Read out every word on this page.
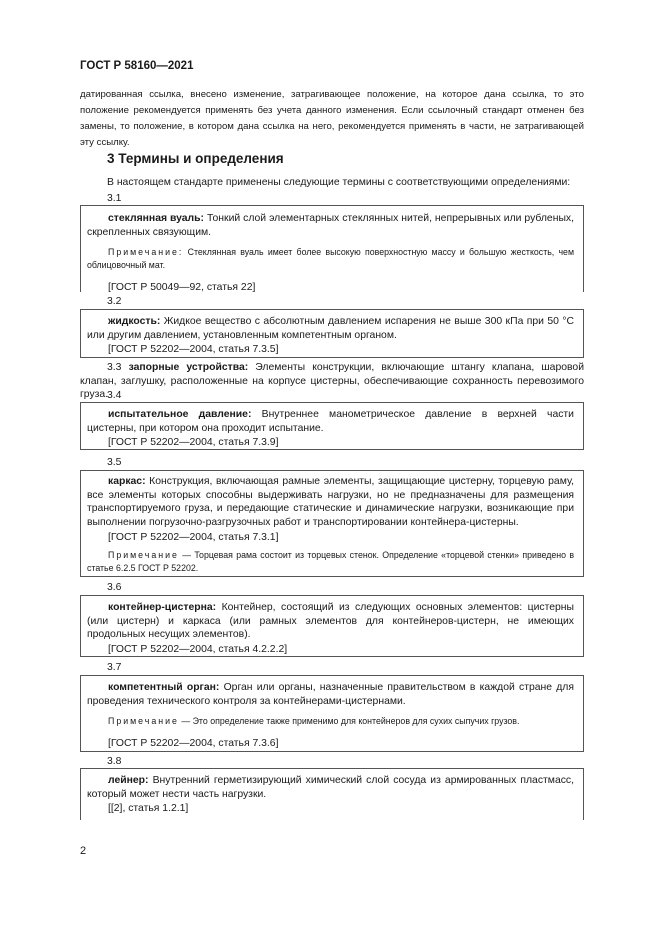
ГОСТ Р 58160—2021
датированная ссылка, внесено изменение, затрагивающее положение, на которое дана ссылка, то это положение рекомендуется применять без учета данного изменения. Если ссылочный стандарт отменен без замены, то положение, в котором дана ссылка на него, рекомендуется применять в части, не затрагивающей эту ссылку.
3 Термины и определения
В настоящем стандарте применены следующие термины с соответствующими определениями:
3.1
стеклянная вуаль: Тонкий слой элементарных стеклянных нитей, непрерывных или рубленых, скрепленных связующим.
Примечание: Стеклянная вуаль имеет более высокую поверхностную массу и большую жесткость, чем облицовочный мат.
[ГОСТ Р 50049—92, статья 22]
3.2
жидкость: Жидкое вещество с абсолютным давлением испарения не выше 300 кПа при 50 °С или другим давлением, установленным компетентным органом.
[ГОСТ Р 52202—2004, статья 7.3.5]
3.3 запорные устройства: Элементы конструкции, включающие штангу клапана, шаровой клапан, заглушку, расположенные на корпусе цистерны, обеспечивающие сохранность перевозимого груза.
3.4
испытательное давление: Внутреннее манометрическое давление в верхней части цистерны, при котором она проходит испытание.
[ГОСТ Р 52202—2004, статья 7.3.9]
3.5
каркас: Конструкция, включающая рамные элементы, защищающие цистерну, торцевую раму, все элементы которых способны выдерживать нагрузки, но не предназначены для размещения транспортируемого груза, и передающие статические и динамические нагрузки, возникающие при выполнении погрузочно-разгрузочных работ и транспортировании контейнера-цистерны.
[ГОСТ Р 52202—2004, статья 7.3.1]
Примечание — Торцевая рама состоит из торцевых стенок. Определение «торцевой стенки» приведено в статье 6.2.5 ГОСТ Р 52202.
3.6
контейнер-цистерна: Контейнер, состоящий из следующих основных элементов: цистерны (или цистерн) и каркаса (или рамных элементов для контейнеров-цистерн, не имеющих продольных несущих элементов).
[ГОСТ Р 52202—2004, статья 4.2.2.2]
3.7
компетентный орган: Орган или органы, назначенные правительством в каждой стране для проведения технического контроля за контейнерами-цистернами.
Примечание — Это определение также применимо для контейнеров для сухих сыпучих грузов.
[ГОСТ Р 52202—2004, статья 7.3.6]
3.8
лейнер: Внутренний герметизирующий химический слой сосуда из армированных пластмасс, который может нести часть нагрузки.
[[2], статья 1.2.1]
2
